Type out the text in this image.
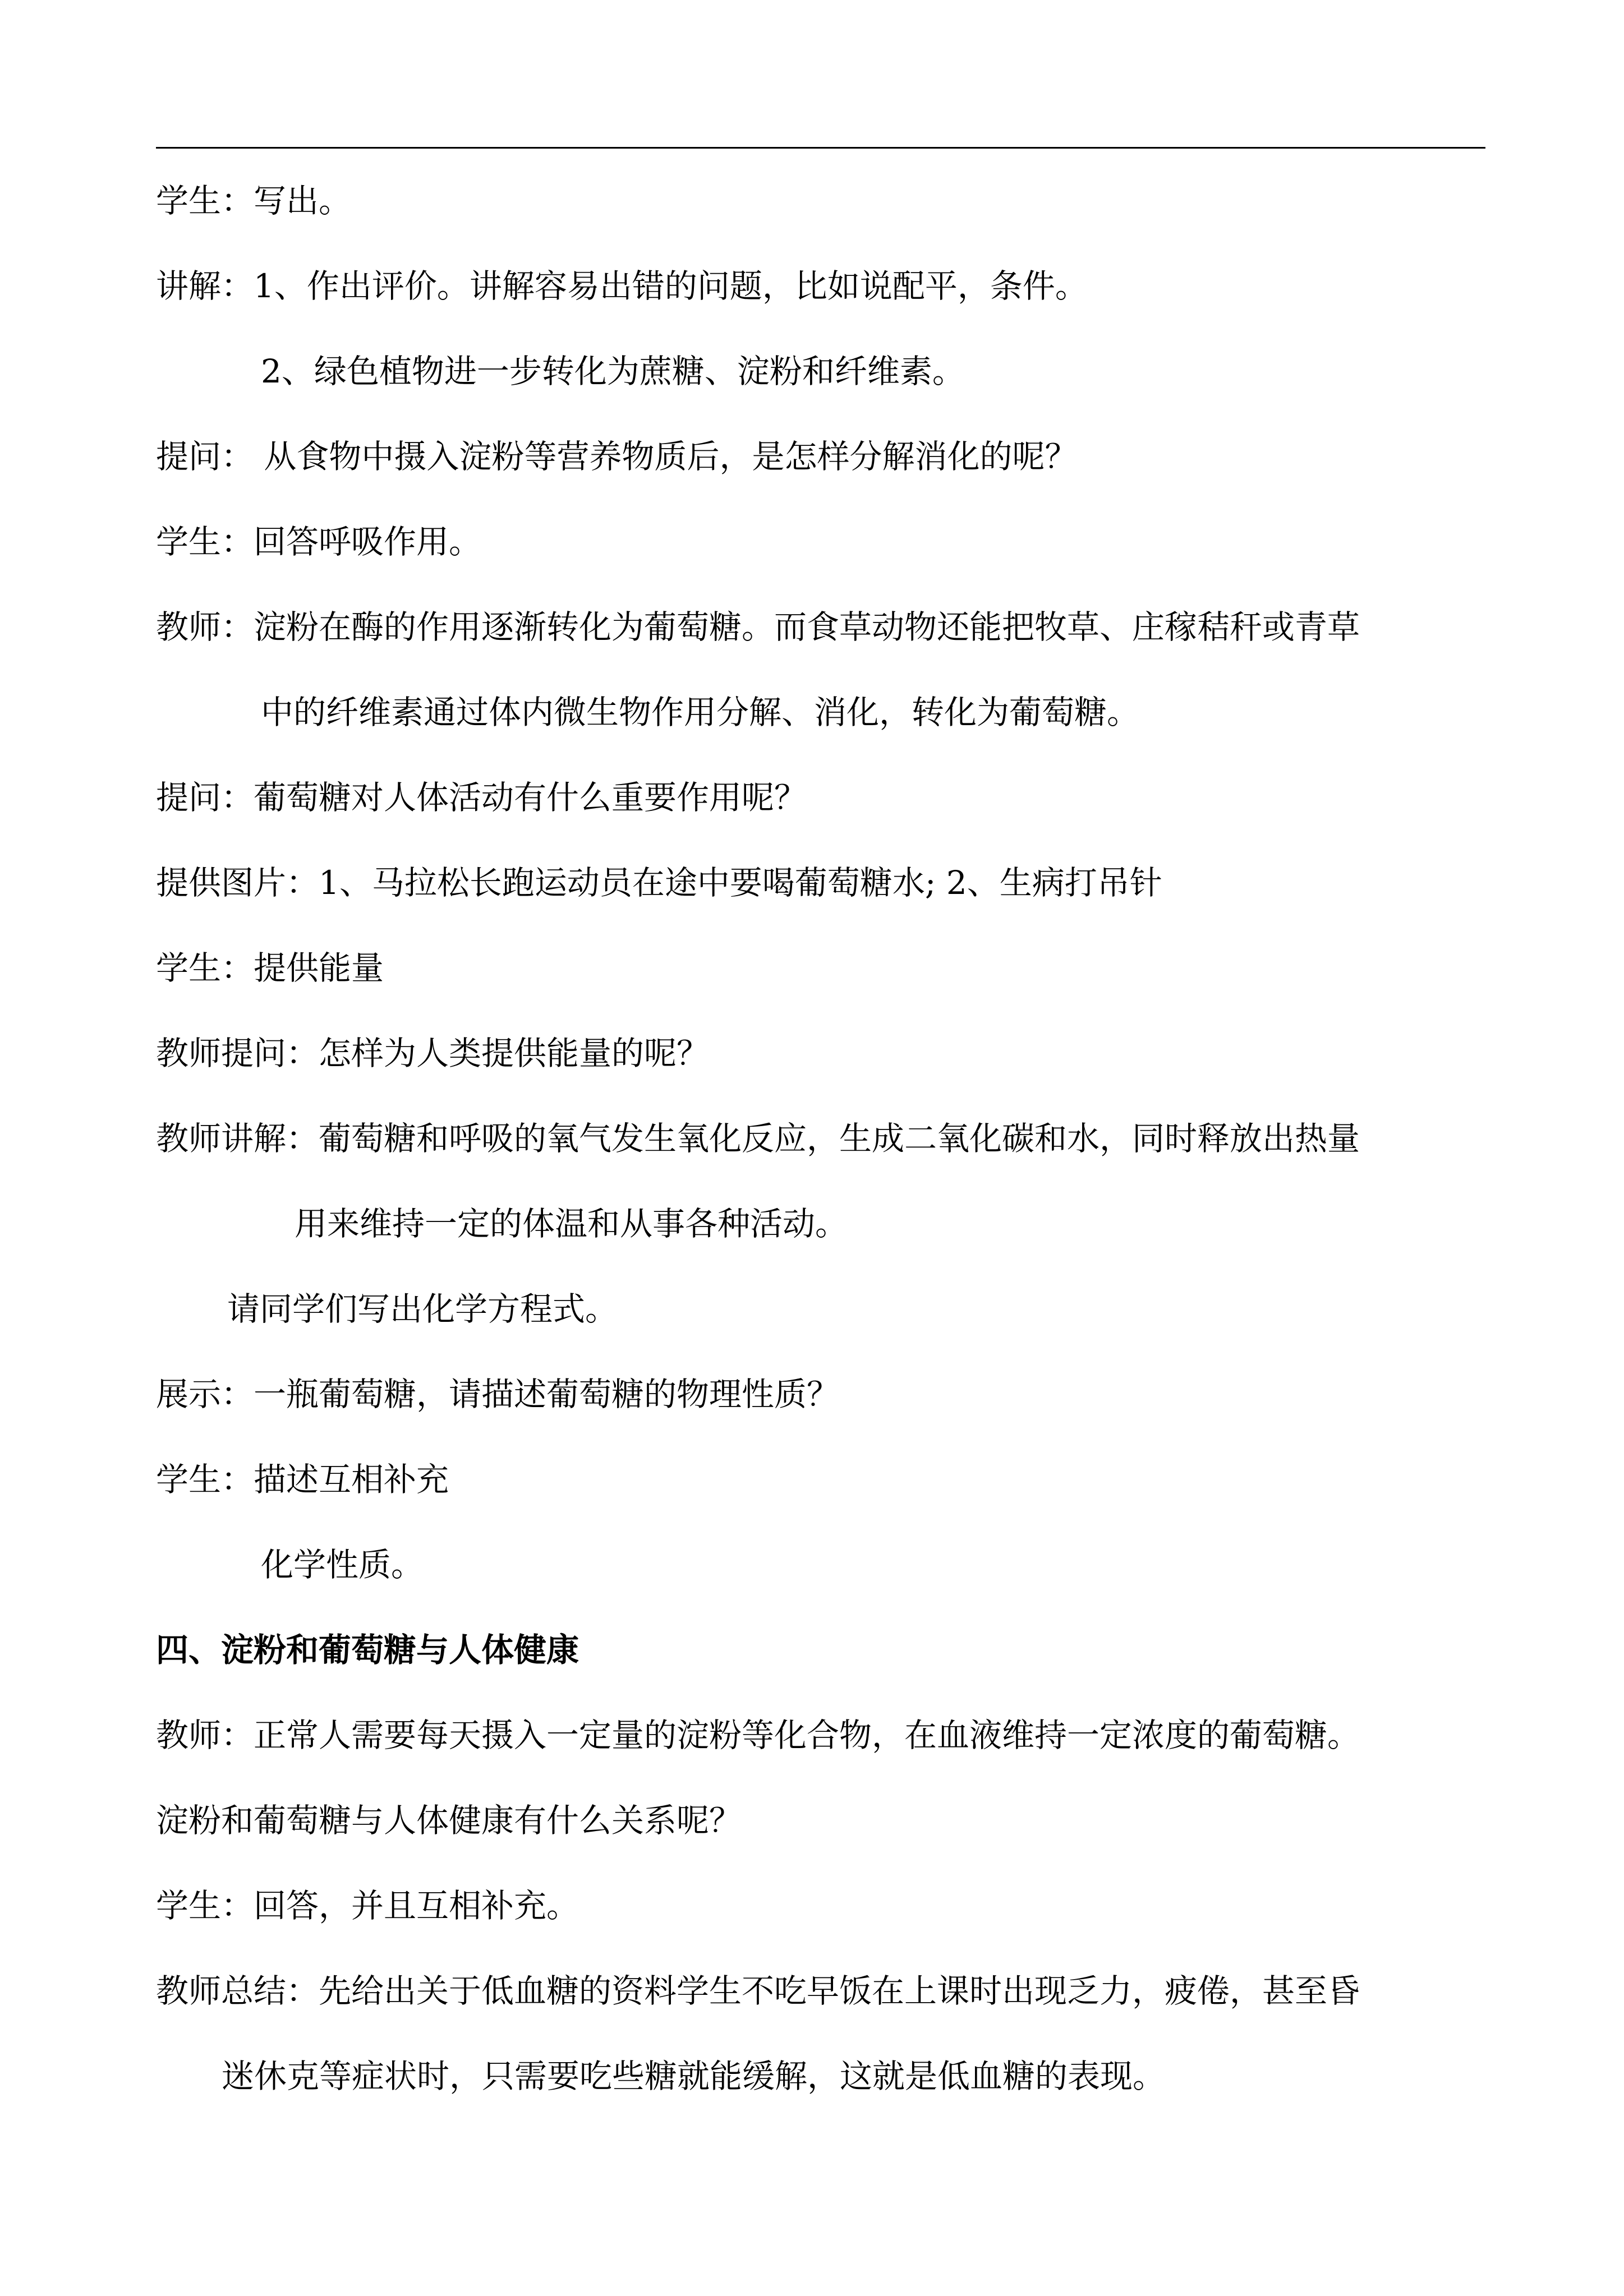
学生：写出。
讲解：1、作出评价。讲解容易出错的问题，比如说配平，条件。
2、绿色植物进一步转化为蔗糖、淀粉和纤维素。
提问： 从食物中摄入淀粉等营养物质后，是怎样分解消化的呢？
学生：回答呼吸作用。
教师：淀粉在酶的作用逐渐转化为葡萄糖。而食草动物还能把牧草、庄稼秸秆或青草
中的纤维素通过体内微生物作用分解、消化，转化为葡萄糖。
提问：葡萄糖对人体活动有什么重要作用呢？
提供图片：1、马拉松长跑运动员在途中要喝葡萄糖水; 2、生病打吊针
学生：提供能量
教师提问：怎样为人类提供能量的呢？
教师讲解：葡萄糖和呼吸的氧气发生氧化反应，生成二氧化碳和水，同时释放出热量
用来维持一定的体温和从事各种活动。
请同学们写出化学方程式。
展示：一瓶葡萄糖，请描述葡萄糖的物理性质？
学生：描述互相补充
化学性质。
四、淀粉和葡萄糖与人体健康
教师：正常人需要每天摄入一定量的淀粉等化合物，在血液维持一定浓度的葡萄糖。
淀粉和葡萄糖与人体健康有什么关系呢？
学生：回答，并且互相补充。
教师总结：先给出关于低血糖的资料学生不吃早饭在上课时出现乏力，疲倦，甚至昏
迷休克等症状时，只需要吃些糖就能缓解，这就是低血糖的表现。
